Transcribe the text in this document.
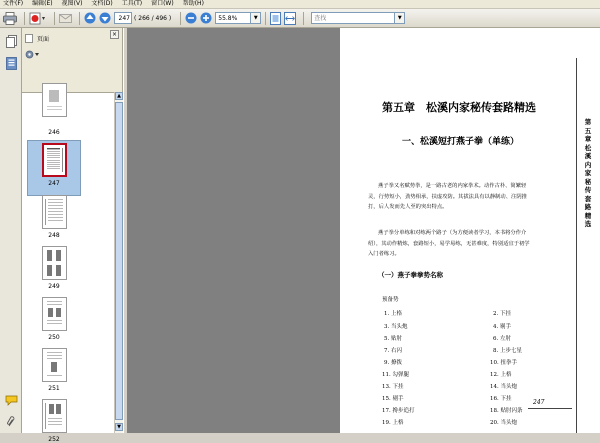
文件(F) 编辑(E) 视图(V) 文档(D) 工具(T) 窗口(W) 帮助(H)
247
( 266 / 496 )
55.8%	▼
查找	▼
页面
×
246
247
248
249
250
251
252
▲
▼
第五章　松溪内家秘传套路精选
一、松溪短打燕子拳（单练）
燕子拳又名赋势拳，是一路古老的内家拳术。动作古朴、简繁轻灵，行势短小，劲势相承，扶虚攻防。其拔法具有以静制动、注阴推打，后人发而先人至的突出特点。
燕子拳分单练和对练两个路子（为方便读者学习，本书将分作介绍），其动作精炼，套路短小，易学易练，无甚难度，特别适宜于初学入门者练习。
（一）燕子拳拳势名称
预备势
1. 上格
3. 当头炮
5. 贴肘
7. 右闪
9. 撩拨
11. 勾弹腿
13. 下挂
15. 剔手
17. 搀步追打
19. 上格
2. 下挂
4. 剔手
6. 左肘
8. 上步七星
10. 扭拳手
12. 上格
14. 当头炮
16. 下挂
18. 贴肘闪条
20. 当头炮
第五章　松溪内家秘传套路精选
247
